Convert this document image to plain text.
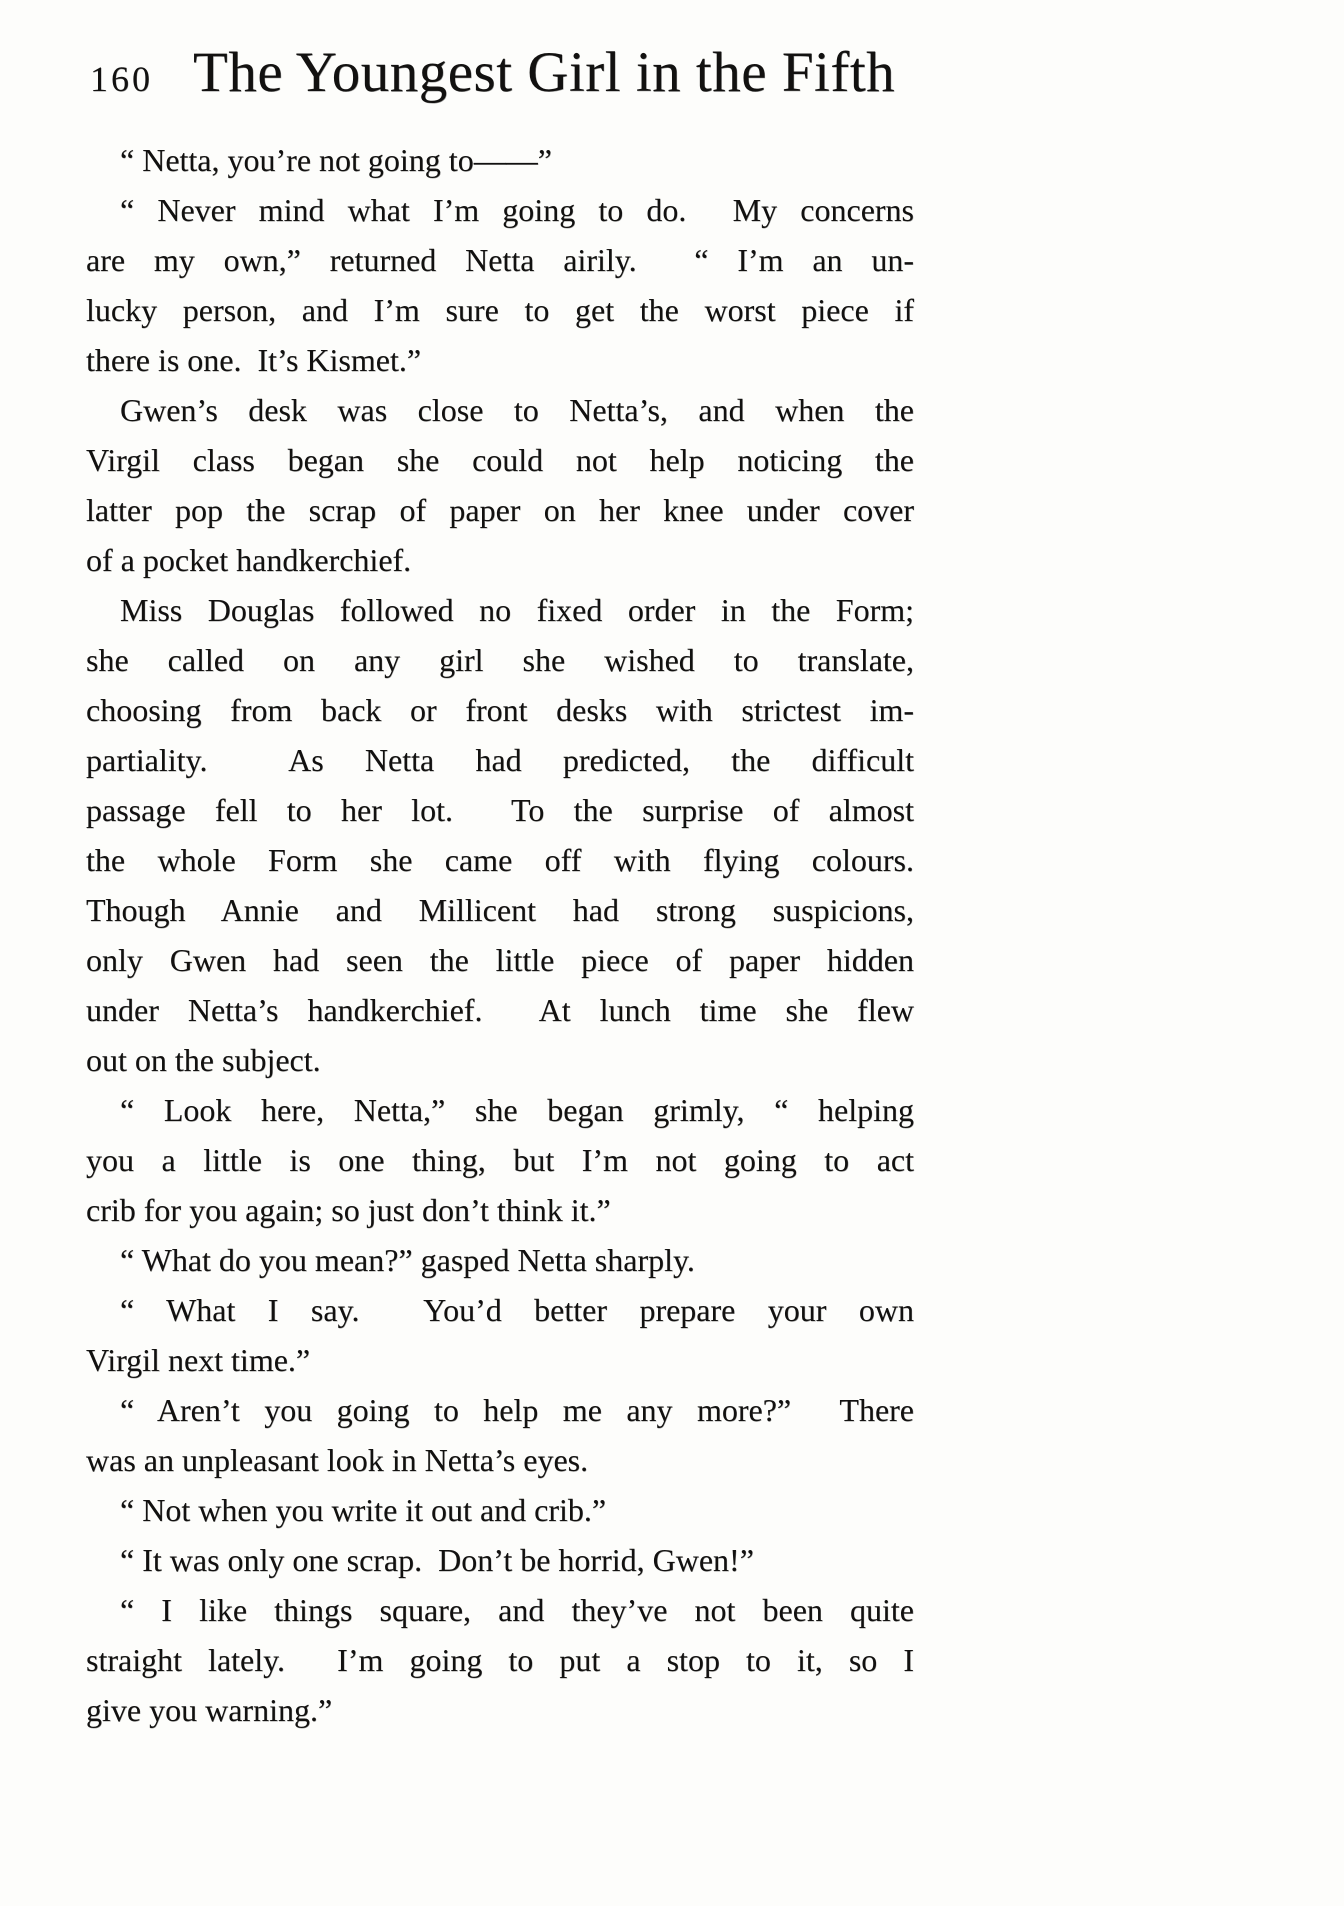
160 The Youngest Girl in the Fifth
“ Netta, you’re not going to——”
“ Never mind what I’m going to do.  My concerns
are my own,” returned Netta airily.  “ I’m an un-
lucky person, and I’m sure to get the worst piece if
there is one.  It’s Kismet.”
Gwen’s desk was close to Netta’s, and when the
Virgil class began she could not help noticing the
latter pop the scrap of paper on her knee under cover
of a pocket handkerchief.
Miss Douglas followed no fixed order in the Form;
she called on any girl she wished to translate,
choosing from back or front desks with strictest im-
partiality.  As Netta had predicted, the difficult
passage fell to her lot.  To the surprise of almost
the whole Form she came off with flying colours.
Though Annie and Millicent had strong suspicions,
only Gwen had seen the little piece of paper hidden
under Netta’s handkerchief.  At lunch time she flew
out on the subject.
“ Look here, Netta,” she began grimly, “ helping
you a little is one thing, but I’m not going to act
crib for you again; so just don’t think it.”
“ What do you mean?” gasped Netta sharply.
“ What I say.  You’d better prepare your own
Virgil next time.”
“ Aren’t you going to help me any more?”  There
was an unpleasant look in Netta’s eyes.
“ Not when you write it out and crib.”
“ It was only one scrap.  Don’t be horrid, Gwen!”
“ I like things square, and they’ve not been quite
straight lately.  I’m going to put a stop to it, so I
give you warning.”
